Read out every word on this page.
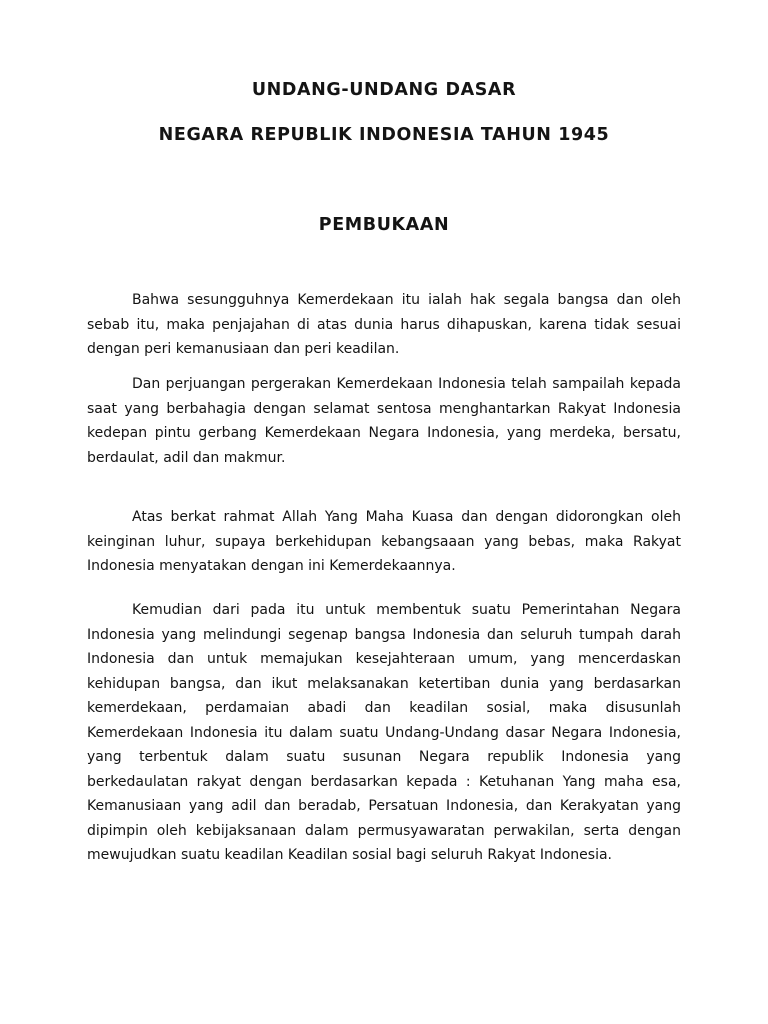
UNDANG-UNDANG DASAR
NEGARA REPUBLIK INDONESIA TAHUN 1945
PEMBUKAAN

Bahwa sesungguhnya Kemerdekaan itu ialah hak segala bangsa dan oleh sebab itu, maka penjajahan di atas dunia harus dihapuskan, karena tidak sesuai dengan peri kemanusiaan dan peri keadilan.

Dan perjuangan pergerakan Kemerdekaan Indonesia telah sampailah kepada saat yang berbahagia dengan selamat sentosa menghantarkan Rakyat Indonesia kedepan pintu gerbang Kemerdekaan Negara Indonesia, yang merdeka, bersatu, berdaulat, adil dan makmur.

Atas berkat rahmat Allah Yang Maha Kuasa dan dengan didorongkan oleh keinginan luhur, supaya berkehidupan kebangsaaan yang bebas, maka Rakyat Indonesia menyatakan dengan ini Kemerdekaannya.

Kemudian dari pada itu untuk membentuk suatu Pemerintahan Negara Indonesia yang melindungi segenap bangsa Indonesia dan seluruh tumpah darah Indonesia dan untuk memajukan kesejahteraan umum, yang mencerdaskan kehidupan bangsa, dan ikut melaksanakan ketertiban dunia yang berdasarkan kemerdekaan, perdamaian abadi dan keadilan sosial, maka disusunlah Kemerdekaan Indonesia itu dalam suatu Undang-Undang dasar Negara Indonesia, yang terbentuk dalam suatu susunan Negara republik Indonesia yang berkedaulatan rakyat dengan berdasarkan kepada : Ketuhanan Yang maha esa, Kemanusiaan yang adil dan beradab, Persatuan Indonesia, dan Kerakyatan yang dipimpin oleh kebijaksanaan dalam permusyawaratan perwakilan, serta dengan mewujudkan suatu keadilan Keadilan sosial bagi seluruh Rakyat Indonesia.
